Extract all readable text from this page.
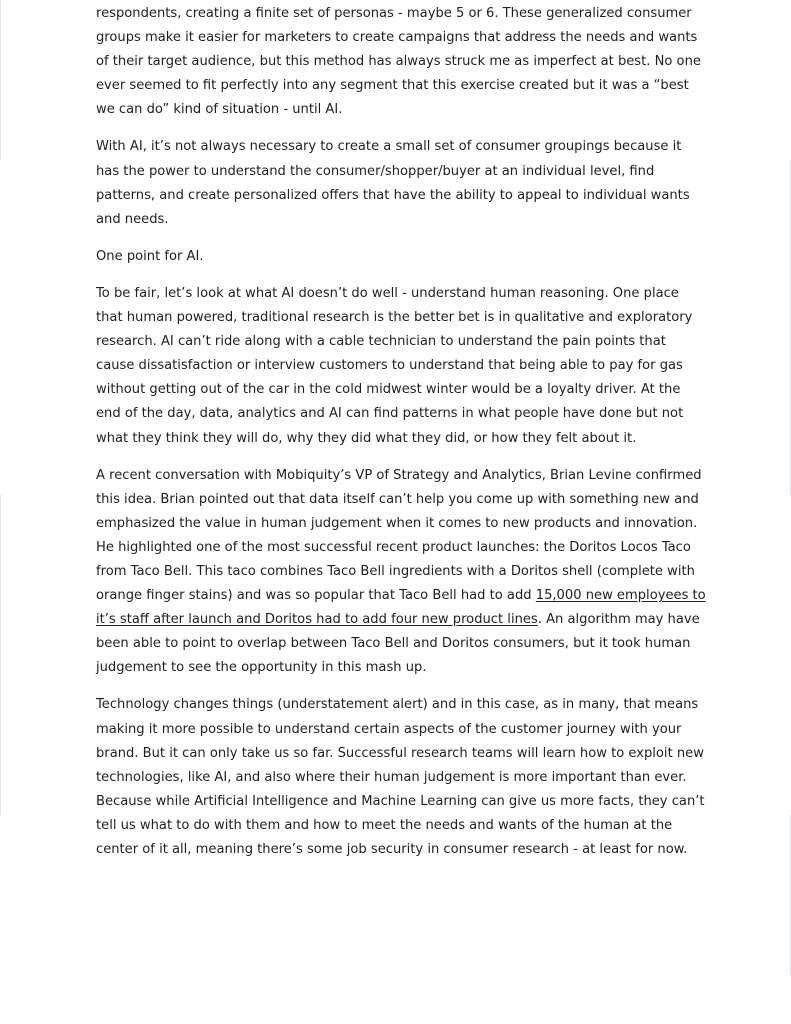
respondents, creating a finite set of personas - maybe 5 or 6. These generalized consumer groups make it easier for marketers to create campaigns that address the needs and wants of their target audience, but this method has always struck me as imperfect at best. No one ever seemed to fit perfectly into any segment that this exercise created but it was a “best we can do” kind of situation - until AI.

With AI, it’s not always necessary to create a small set of consumer groupings because it has the power to understand the consumer/shopper/buyer at an individual level, find patterns, and create personalized offers that have the ability to appeal to individual wants and needs.

One point for AI.

To be fair, let’s look at what AI doesn’t do well - understand human reasoning. One place that human powered, traditional research is the better bet is in qualitative and exploratory research. AI can’t ride along with a cable technician to understand the pain points that cause dissatisfaction or interview customers to understand that being able to pay for gas without getting out of the car in the cold midwest winter would be a loyalty driver. At the end of the day, data, analytics and AI can find patterns in what people have done but not what they think they will do, why they did what they did, or how they felt about it.

A recent conversation with Mobiquity’s VP of Strategy and Analytics, Brian Levine confirmed this idea. Brian pointed out that data itself can’t help you come up with something new and emphasized the value in human judgement when it comes to new products and innovation. He highlighted one of the most successful recent product launches: the Doritos Locos Taco from Taco Bell. This taco combines Taco Bell ingredients with a Doritos shell (complete with orange finger stains) and was so popular that Taco Bell had to add 15,000 new employees to it’s staff after launch and Doritos had to add four new product lines. An algorithm may have been able to point to overlap between Taco Bell and Doritos consumers, but it took human judgement to see the opportunity in this mash up.

Technology changes things (understatement alert) and in this case, as in many, that means making it more possible to understand certain aspects of the customer journey with your brand. But it can only take us so far. Successful research teams will learn how to exploit new technologies, like AI, and also where their human judgement is more important than ever. Because while Artificial Intelligence and Machine Learning can give us more facts, they can’t tell us what to do with them and how to meet the needs and wants of the human at the center of it all, meaning there’s some job security in consumer research - at least for now.
